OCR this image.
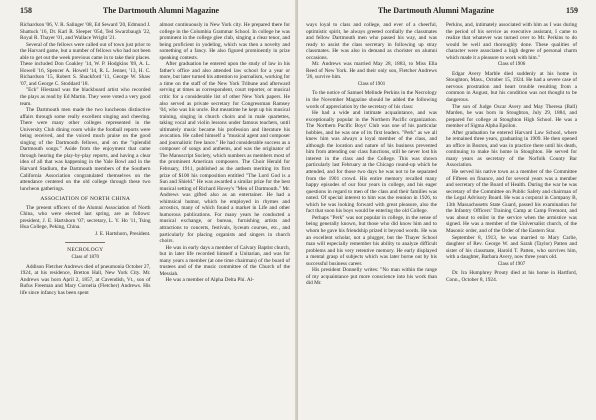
158	The Dartmouth Alumni Magazine

Richardson '06, V. R. Salinger '08, Ed Seward '20, Edmund J. Shattuck '16, Dr. Karl R. Sleeper '05d, Ted Swarzbaugh '22, Royal R. Thayer '01, and Wallace Wright '21.

Several of the fellows were called out of town just prior to the Harvard game, but a number of fellows who had not been able to get out the week previous came in to take their places. These included Don Coakley '14, W. P. Hodgkins '09, A. L. Howell '16, Spencer A. Howell '14, R. L. Jenner, '13, H. C. Richardson '15, Robert S. Shackford '11, George W. Shaw '07, and George C. Stoddard '18.

"Eck" Hiestand was the blackboard artist who recorded the plays as read by Ed Martin. They were voted a very good team.

The Dartmouth men made the two luncheons distinctive affairs through some really excellent singing and cheering. There were many other colleges represented in the University Club dining room while the football reports were being received, and the voiced much praise on the good singing of the Dartmouth fellows, and on the "splendid Dartmouth songs." Aside from the enjoyment that came through hearing the play-by-play reports, and having a clear idea of all that was happening in the Yale Bowl and in the Harvard Stadium, the Dartmouth members of the Southern California Association congratulated themselves on the attendance centered on the old college through these two luncheon gatherings.

ASSOCIATION OF NORTH CHINA

The present officers of the Alumni Association of North China, who were elected last spring, are as follows: president, J. E. Hartshorn '07; secretary, L. Y. Ho '11, Tsing Hua College, Peking, China.

J. E. Hartshorn, President.
NECROLOGY
Class of 1870

Addison Fletcher Andrews died of pneumonia October 27, 1924, at his residence, Bretton Hall, New York City. Mr. Andrews was born April 2, 1857, at Cavendish, Vt., son of Rufus Freeman and Mary Cornelia (Fletcher) Andrews. His life since infancy has been spent

almost continuously in New York city. He prepared there for college in the Columbia Grammar School. In college he was prominent in the college glee club, singing a clear tenor, and being proficient in yodeling, which was then a novelty and something of a fancy. He also figured prominently in prize speaking contests.

After graduation he entered upon the study of law in his father's office and also attended law school for a year or more, but later turned his attention to journalism, working for a time on the staff of the New York Tribune and afterward serving at times as correspondent, court reporter, or musical critic for a considerable list of other New York papers. He also served as private secretary for Congressman Ramsey '04, who was his uncle. But meantime he kept up his musical training, singing in church choirs and in male quartettes, taking vocal and violin lessons under famous teachers, until ultimately music became his profession and literature his avocation. He called himself a "musical agent and composer and journalistic free lance." He had considerable success as a composer of songs and anthems, and was the originator of The Manuscript Society, which numbers as members most of the prominent American composers. The Choir Herald for February, 1911, published as the anthem meriting its first prize of $100 his composition entitled "The Lord God is a Sun and Shield." He was awarded a similar prize for the best musical setting of Richard Hovey's "Men of Dartmouth." Mr. Andrews was gifted also as an entertainer. He had a whimsical humor, which he employed in rhymes and acrostics, many of which found a market in Life and other humorous publications. For many years he conducted a musical exchange, or bureau, furnishing artists and attractions to concerts, festivals, lyceum courses, etc., and particularly for placing organists and singers in church choirs.

He was in early days a member of Calvary Baptist church, but in later life recorded himself a Unitarian, and was for many years a member (at one time chairman) of the board of trustees and of the music committee of the Church of the Messiah.

He was a member of Alpha Delta Phi. Al-

The Dartmouth Alumni Magazine	159

ways loyal to class and college, and ever of a cheerful, optimistic spirit, he always greeted cordially the classmates and fellow Dartmouth men who passed his way, and was ready to assist the class secretary in following up stray classmates. He was also in demand as chorister on alumni occasions.

Mr. Andrews was married May 28, 1883, to Miss Ella Reed of New York. He and their only son, Fletcher Andrews '26, survive him.

Class of 1901

To the notice of Samuel Melinde Perkins in the Necrology in the November Magazine should be added the following words of appreciation by the secretary of his class:

He had a wide and intimate acquaintance, and was exceptionally popular in the Northern Pacific organization. The Northern Pacific Boys' Club was one of his particular hobbies, and he was one of its first leaders. "Perk" as we all knew him was always a loyal member of the class, and although the location and nature of his business prevented him from attending our class functions, still he never lost his interest in the class and the College. This was shown particularly last February at the Chicago round-up which he attended, and for those two days he was not to be separated from the 1901 crowd. His entire memory recalled many happy episodes of our four years in college, and his eager questions in regard to men of the class and their families was noted. Of special interest to him was the reunion in 1926, to which he was looking forward with great pleasure, also the fact that soon his boys would be entering the old College.

Perhaps "Perk" was not popular in college, in the sense of being generally known, but those who did know him and to whom he gave his friendship prized it beyond words. He was an excellent scholar, not a plugger, but the Thayer School man will especially remember his ability to analyze difficult problems and his very retentive memory. He early displayed a mental grasp of subjects which was later borne out by his successful business career.

His president Donnelly writes: "No man within the range of my acquaintance put more conscience into his work than did Mr.

Perkins, and, intimately associated with him as I was during the period of his service as executive assistant, I came to realize that whatever was turned over to Mr. Perkins to do would be well and thoroughly done. These qualities of character were associated a high degree of personal charm which made it a pleasure to work with him."

Class of 1906

Edgar Avery Marble died suddenly at his home in Stoughton, Mass., October 15, 1924. He had a severe case of nervous prostration and heart trouble resulting from a common in August, but his condition was not thought to be dangerous.

The son of Judge Oscar Avery and May Theresa (Ball) Marden, he was born in Stoughton, July 29, 1884, and prepared for college at Stoughton High School. He was a member of Sigma Alpha Epsilon.

After graduation he entered Harvard Law School, where he remained three years, graduating in 1909. He then opened an office in Boston, and was in practice there until his death, continuing to make his home in Stoughton. He served for many years as secretary of the Norfolk County Bar Association.

He served his native town as a member of the Committee of Fifteen on finance, and for several years was a member and secretary of the Board of Health. During the war he was secretary of the Committee on Public Safety and chairman of the Legal Advisory Board. He was a corporal in Company B, 13th Massachusetts State Guard, passed his examination for the Infantry Officers' Training Camp at Camp Fremont, and was about to enlist in the service when the armistice was signed. He was a member of the Universalist church, of the Masonic order, and of the Order of the Eastern Star.

September 8, 1913, he was married to Mary Carlie, daughter of Rev. George W. and Sarah (Taylor) Patten and sister of his classmate, Harold T. Patten, who survives him, with a daughter, Barbara Avery, now three years old.

Class of 1907

Dr. Ira Humphrey Prouty died at his home in Hartford, Conn., October 8, 1924.
